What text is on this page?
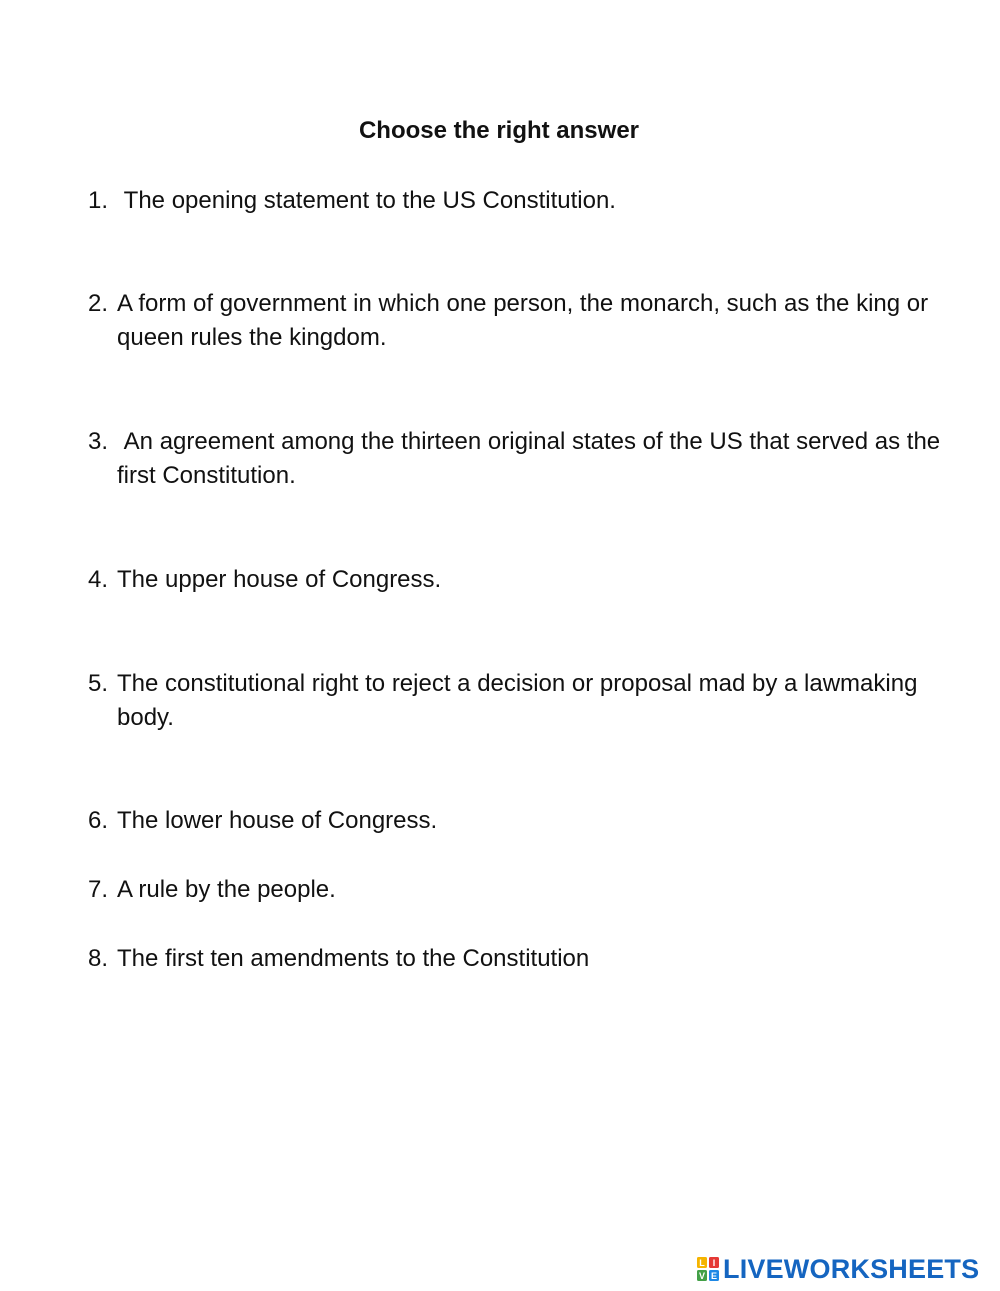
Choose the right answer
1. The opening statement to the US Constitution.
2. A form of government in which one person, the monarch, such as the king or queen rules the kingdom.
3. An agreement among the thirteen original states of the US that served as the first Constitution.
4. The upper house of Congress.
5. The constitutional right to reject a decision or proposal mad by a lawmaking body.
6. The lower house of Congress.
7. A rule by the people.
8. The first ten amendments to the Constitution
L I
V E LIVEWORKSHEETS
